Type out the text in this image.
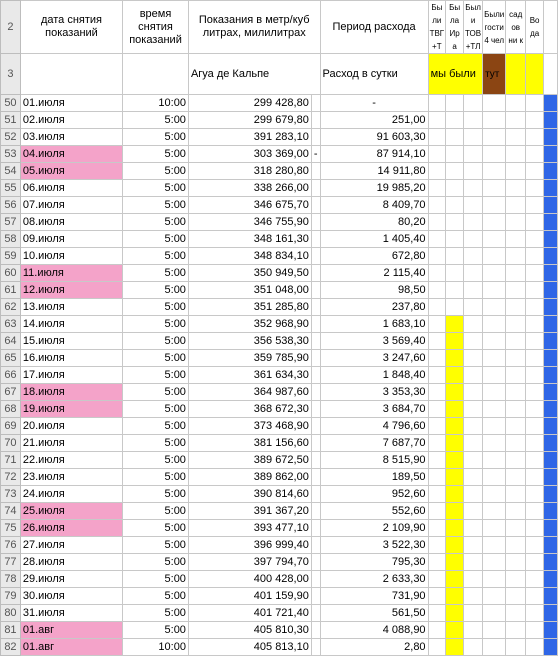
2	дата снятия показаний	время снятия показаний	Показания в метр/куб литрах, милилитрах		Период расхода	Бы ли ТВГ +Т	Бы ла Ир а	Был и ТОВ +ТЛ	Были гости 4 чел	сад ов ни к	Во да	
3			Агуа де Кальпе		Расход в сутки	мы были			тут			
50	01.июля	10:00	299 428,80		-							
51	02.июля	5:00	299 679,80		251,00							
52	03.июля	5:00	391 283,10		91 603,30							
53	04.июля	5:00	303 369,00	-	87 914,10							
54	05.июля	5:00	318 280,80		14 911,80							
55	06.июля	5:00	338 266,00		19 985,20							
56	07.июля	5:00	346 675,70		8 409,70							
57	08.июля	5:00	346 755,90		80,20							
58	09.июля	5:00	348 161,30		1 405,40							
59	10.июля	5:00	348 834,10		672,80							
60	11.июля	5:00	350 949,50		2 115,40							
61	12.июля	5:00	351 048,00		98,50							
62	13.июля	5:00	351 285,80		237,80							
63	14.июля	5:00	352 968,90		1 683,10							
64	15.июля	5:00	356 538,30		3 569,40							
65	16.июля	5:00	359 785,90		3 247,60							
66	17.июля	5:00	361 634,30		1 848,40							
67	18.июля	5:00	364 987,60		3 353,30							
68	19.июля	5:00	368 672,30		3 684,70							
69	20.июля	5:00	373 468,90		4 796,60							
70	21.июля	5:00	381 156,60		7 687,70							
71	22.июля	5:00	389 672,50		8 515,90							
72	23.июля	5:00	389 862,00		189,50							
73	24.июля	5:00	390 814,60		952,60							
74	25.июля	5:00	391 367,20		552,60							
75	26.июля	5:00	393 477,10		2 109,90							
76	27.июля	5:00	396 999,40		3 522,30							
77	28.июля	5:00	397 794,70		795,30							
78	29.июля	5:00	400 428,00		2 633,30							
79	30.июля	5:00	401 159,90		731,90							
80	31.июля	5:00	401 721,40		561,50							
81	01.авг	5:00	405 810,30		4 088,90							
82	01.авг	10:00	405 813,10		2,80							
